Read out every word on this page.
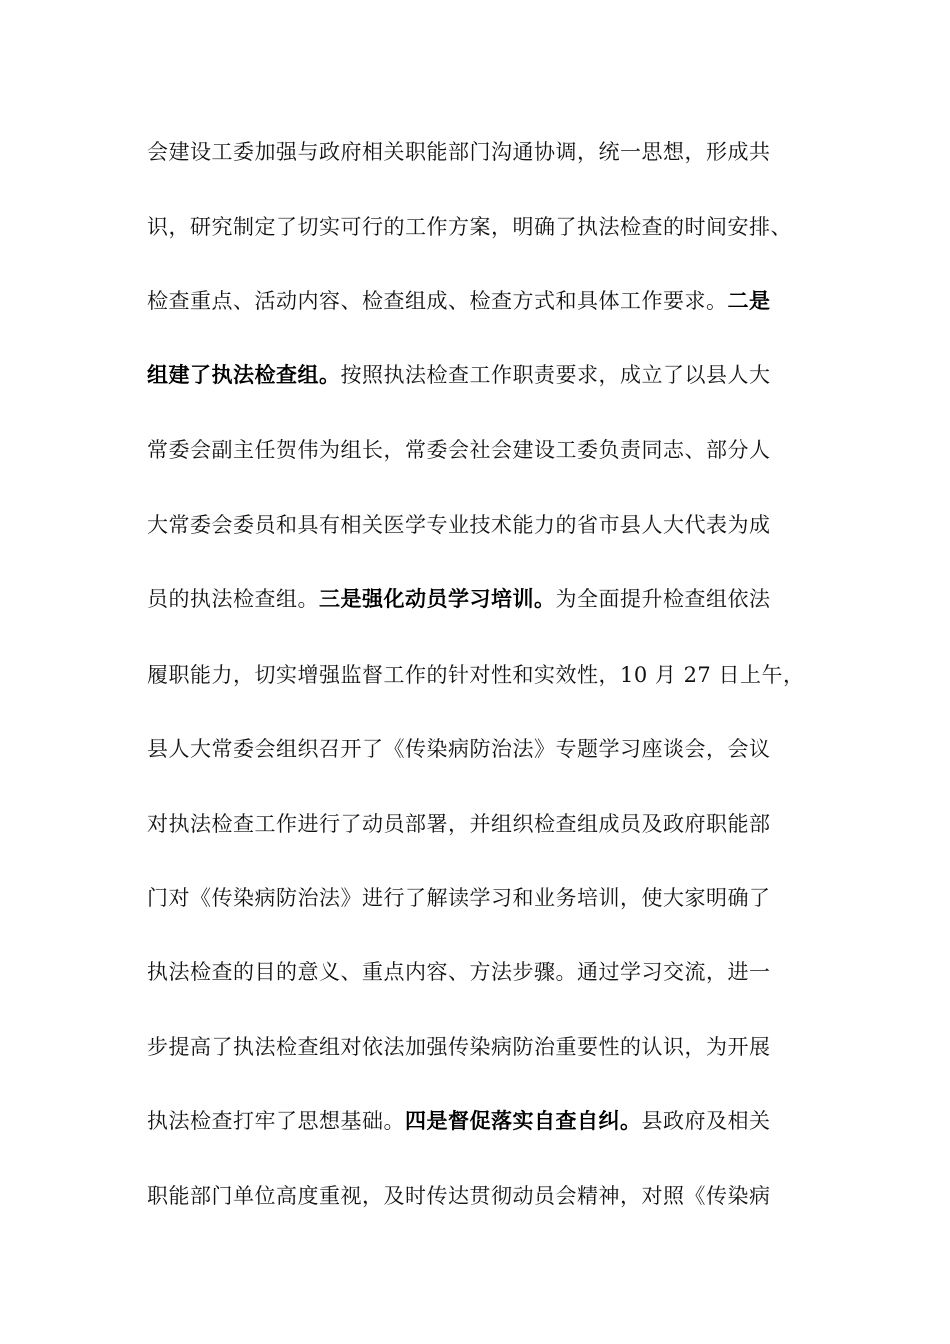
会建设工委加强与政府相关职能部门沟通协调，统一思想，形成共
识，研究制定了切实可行的工作方案，明确了执法检查的时间安排、
检查重点、活动内容、检查组成、检查方式和具体工作要求。二是
组建了执法检查组。按照执法检查工作职责要求，成立了以县人大
常委会副主任贺伟为组长，常委会社会建设工委负责同志、部分人
大常委会委员和具有相关医学专业技术能力的省市县人大代表为成
员的执法检查组。三是强化动员学习培训。为全面提升检查组依法
履职能力，切实增强监督工作的针对性和实效性，10 月 27 日上午，
县人大常委会组织召开了《传染病防治法》专题学习座谈会，会议
对执法检查工作进行了动员部署，并组织检查组成员及政府职能部
门对《传染病防治法》进行了解读学习和业务培训，使大家明确了
执法检查的目的意义、重点内容、方法步骤。通过学习交流，进一
步提高了执法检查组对依法加强传染病防治重要性的认识，为开展
执法检查打牢了思想基础。四是督促落实自查自纠。县政府及相关
职能部门单位高度重视，及时传达贯彻动员会精神，对照《传染病
